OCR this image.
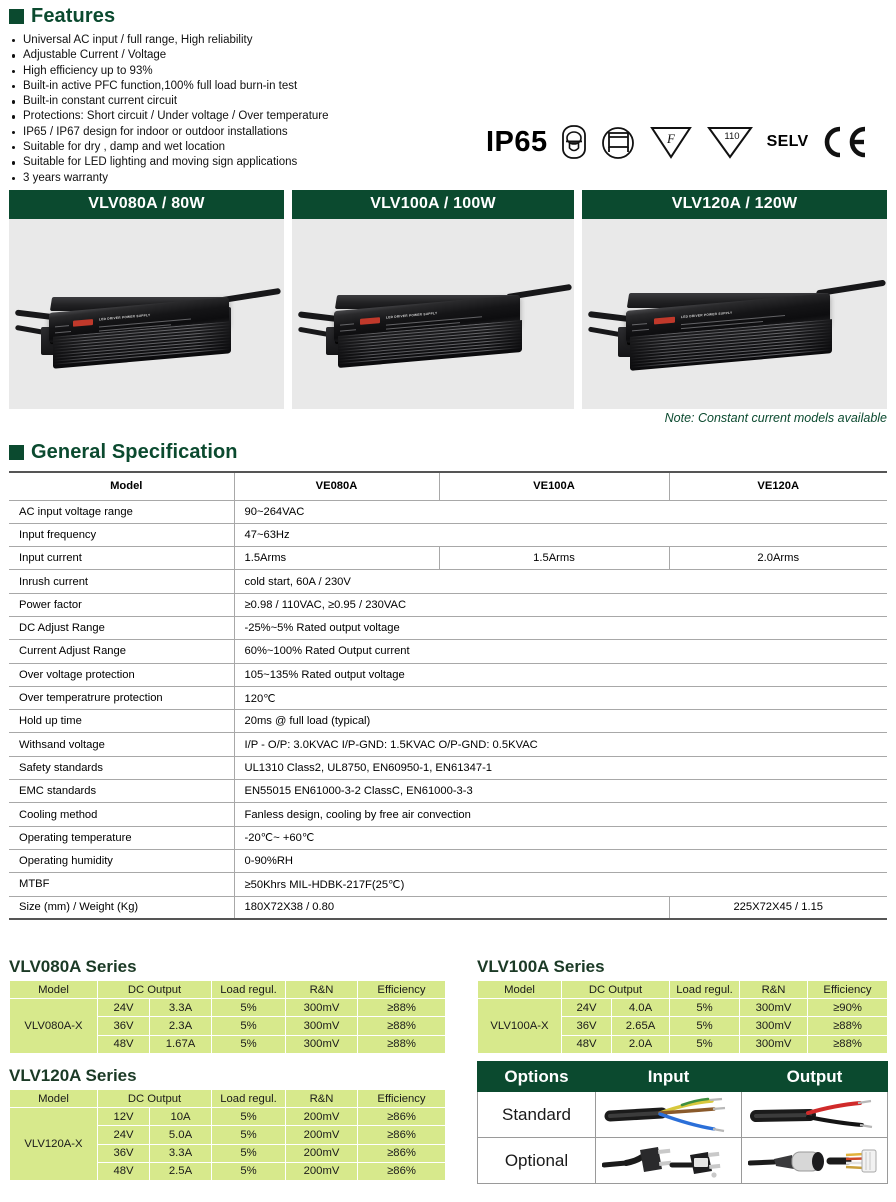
Features
Universal AC input / full range, High reliability
Adjustable Current / Voltage
High efficiency up to 93%
Built-in active PFC function,100% full load burn-in test
Built-in constant current circuit
Protections: Short circuit / Under voltage / Over temperature
IP65 / IP67 design for indoor or outdoor installations
Suitable for dry , damp and wet location
Suitable for LED lighting and moving sign applications
3 years warranty
IP65	F	110 SELV
VLV080A / 80W
LED DRIVER POWER SUPPLY
VLV100A / 100W
LED DRIVER POWER SUPPLY
VLV120A / 120W
LED DRIVER POWER SUPPLY
Note: Constant current models available
General Specification
Model	VE080A	VE100A	VE120A
AC input voltage range	90~264VAC		
Input frequency	47~63Hz		
Input current	1.5Arms	1.5Arms	2.0Arms
Inrush current	cold start, 60A / 230V		
Power factor	≥0.98 / 110VAC, ≥0.95 / 230VAC		
DC Adjust Range	-25%~5% Rated output voltage		
Current Adjust Range	60%~100% Rated Output current		
Over voltage protection	105~135% Rated output voltage		
Over temperatrure protection	120℃		
Hold up time	20ms @ full load (typical)		
Withsand voltage	I/P - O/P: 3.0KVAC I/P-GND: 1.5KVAC O/P-GND: 0.5KVAC		
Safety standards	UL1310 Class2, UL8750, EN60950-1, EN61347-1		
EMC standards	EN55015 EN61000-3-2 ClassC, EN61000-3-3		
Cooling method	Fanless design, cooling by free air convection		
Operating temperature	-20℃~ +60℃		
Operating humidity	0-90%RH		
MTBF	≥50Khrs MIL-HDBK-217F(25℃)		
Size (mm) / Weight (Kg)	180X72X38 / 0.80		225X72X45 / 1.15
VLV080A Series
Model	DC Output		Load regul.	R&N	Efficiency
VLV080A-X	24V	3.3A	5%	300mV	≥88%
	36V	2.3A	5%	300mV	≥88%
	48V	1.67A	5%	300mV	≥88%
VLV100A Series
Model	DC Output		Load regul.	R&N	Efficiency
VLV100A-X	24V	4.0A	5%	300mV	≥90%
	36V	2.65A	5%	300mV	≥88%
	48V	2.0A	5%	300mV	≥88%
VLV120A Series
Model	DC Output		Load regul.	R&N	Efficiency
VLV120A-X	12V	10A	5%	200mV	≥86%
	24V	5.0A	5%	200mV	≥86%
	36V	3.3A	5%	200mV	≥86%
	48V	2.5A	5%	200mV	≥86%
Options	Input	Output
Standard	

Optional	
